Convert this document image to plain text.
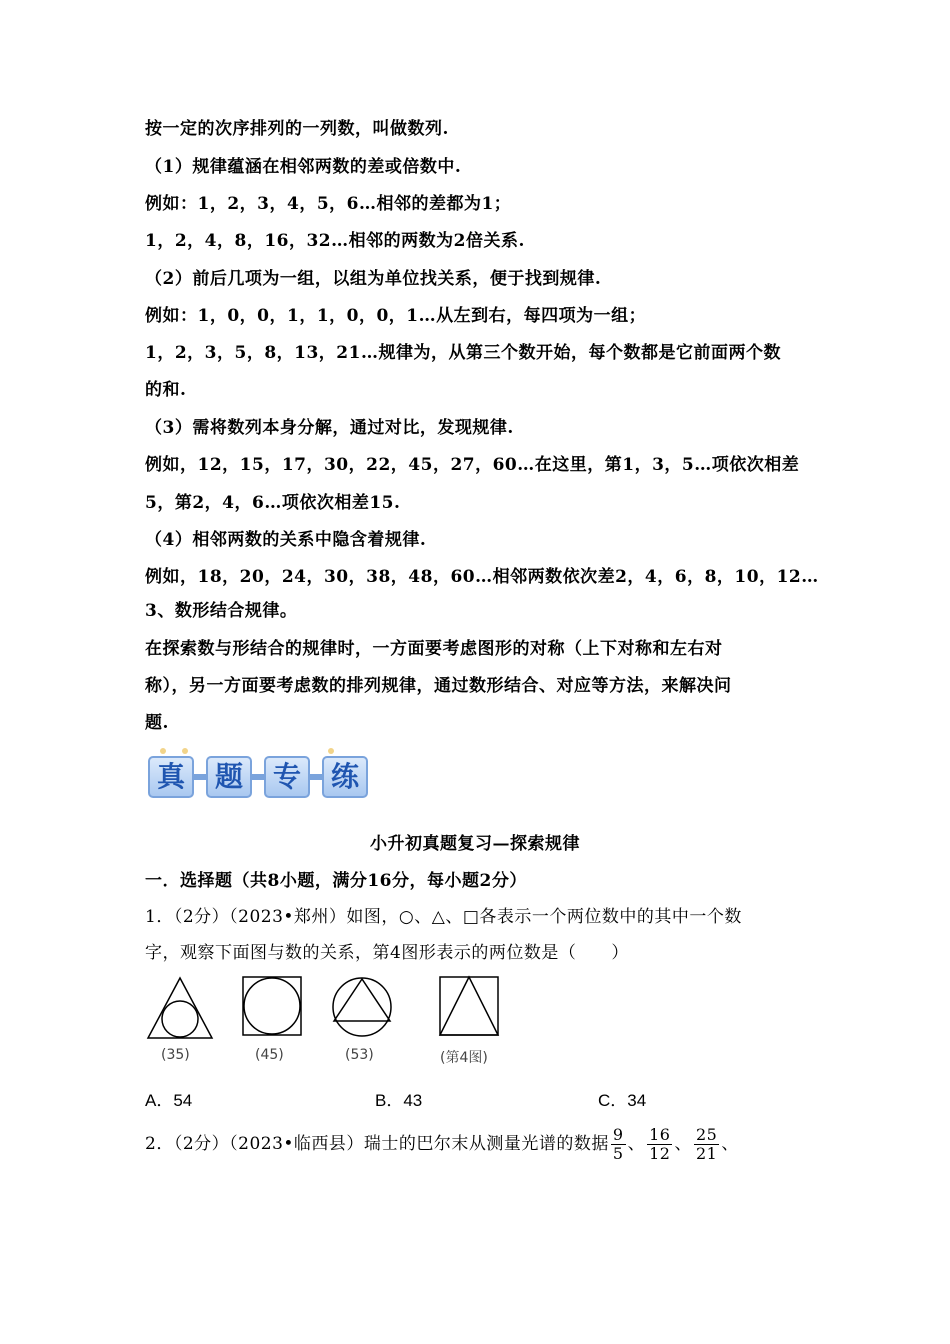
按一定的次序排列的一列数，叫做数列.

（1）规律蕴涵在相邻两数的差或倍数中.

例如：1，2，3，4，5，6…相邻的差都为1；

1，2，4，8，16，32…相邻的两数为2倍关系.

（2）前后几项为一组，以组为单位找关系，便于找到规律.

例如：1，0，0，1，1，0，0，1…从左到右，每四项为一组；

1，2，3，5，8，13，21…规律为，从第三个数开始，每个数都是它前面两个数

的和.

（3）需将数列本身分解，通过对比，发现规律.

例如，12，15，17，30，22，45，27，60…在这里，第1，3，5…项依次相差

5，第2，4，6…项依次相差15.

（4）相邻两数的关系中隐含着规律.

例如，18，20，24，30，38，48，60…相邻两数依次差2，4，6，8，10，12…

3、数形结合规律。

在探索数与形结合的规律时，一方面要考虑图形的对称（上下对称和左右对

称），另一方面要考虑数的排列规律，通过数形结合、对应等方法，来解决问

题.

真	题	专	练

小升初真题复习—探索规律

一．选择题（共8小题，满分16分，每小题2分）

1．（2分）（2023•郑州）如图，○、△、□各表示一个两位数中的其中一个数

字，观察下面图与数的关系，第4图形表示的两位数是（　　）

(35)	(45)	(53)	(第4图)
A．54	B．43	C．34
2．（2分）（2023•临西县）瑞士的巴尔末从测量光谱的数据 $\frac{9}{5}$ 、 $\frac{16}{12}$ 、 $\frac{25}{21}$ 、
